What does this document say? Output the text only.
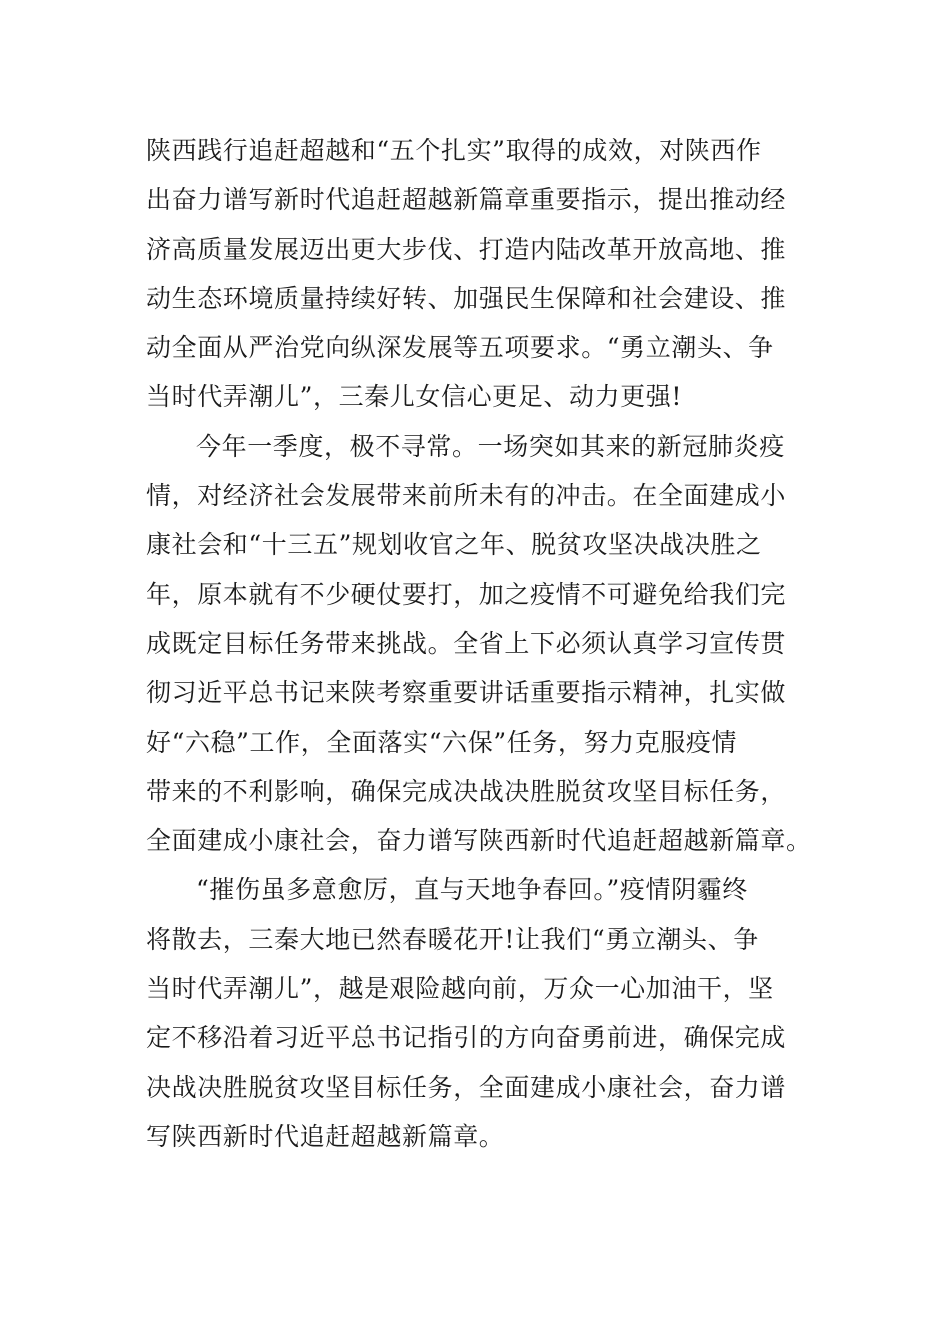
陕西践行追赶超越和“五个扎实”取得的成效，对陕西作
出奋力谱写新时代追赶超越新篇章重要指示，提出推动经
济高质量发展迈出更大步伐、打造内陆改革开放高地、推
动生态环境质量持续好转、加强民生保障和社会建设、推
动全面从严治党向纵深发展等五项要求。“勇立潮头、争
当时代弄潮儿”，三秦儿女信心更足、动力更强!
今年一季度，极不寻常。一场突如其来的新冠肺炎疫
情，对经济社会发展带来前所未有的冲击。在全面建成小
康社会和“十三五”规划收官之年、脱贫攻坚决战决胜之
年，原本就有不少硬仗要打，加之疫情不可避免给我们完
成既定目标任务带来挑战。全省上下必须认真学习宣传贯
彻习近平总书记来陕考察重要讲话重要指示精神，扎实做
好“六稳”工作，全面落实“六保”任务，努力克服疫情
带来的不利影响，确保完成决战决胜脱贫攻坚目标任务，
全面建成小康社会，奋力谱写陕西新时代追赶超越新篇章。
“摧伤虽多意愈厉，直与天地争春回。”疫情阴霾终
将散去，三秦大地已然春暖花开!让我们“勇立潮头、争
当时代弄潮儿”，越是艰险越向前，万众一心加油干，坚
定不移沿着习近平总书记指引的方向奋勇前进，确保完成
决战决胜脱贫攻坚目标任务，全面建成小康社会，奋力谱
写陕西新时代追赶超越新篇章。
